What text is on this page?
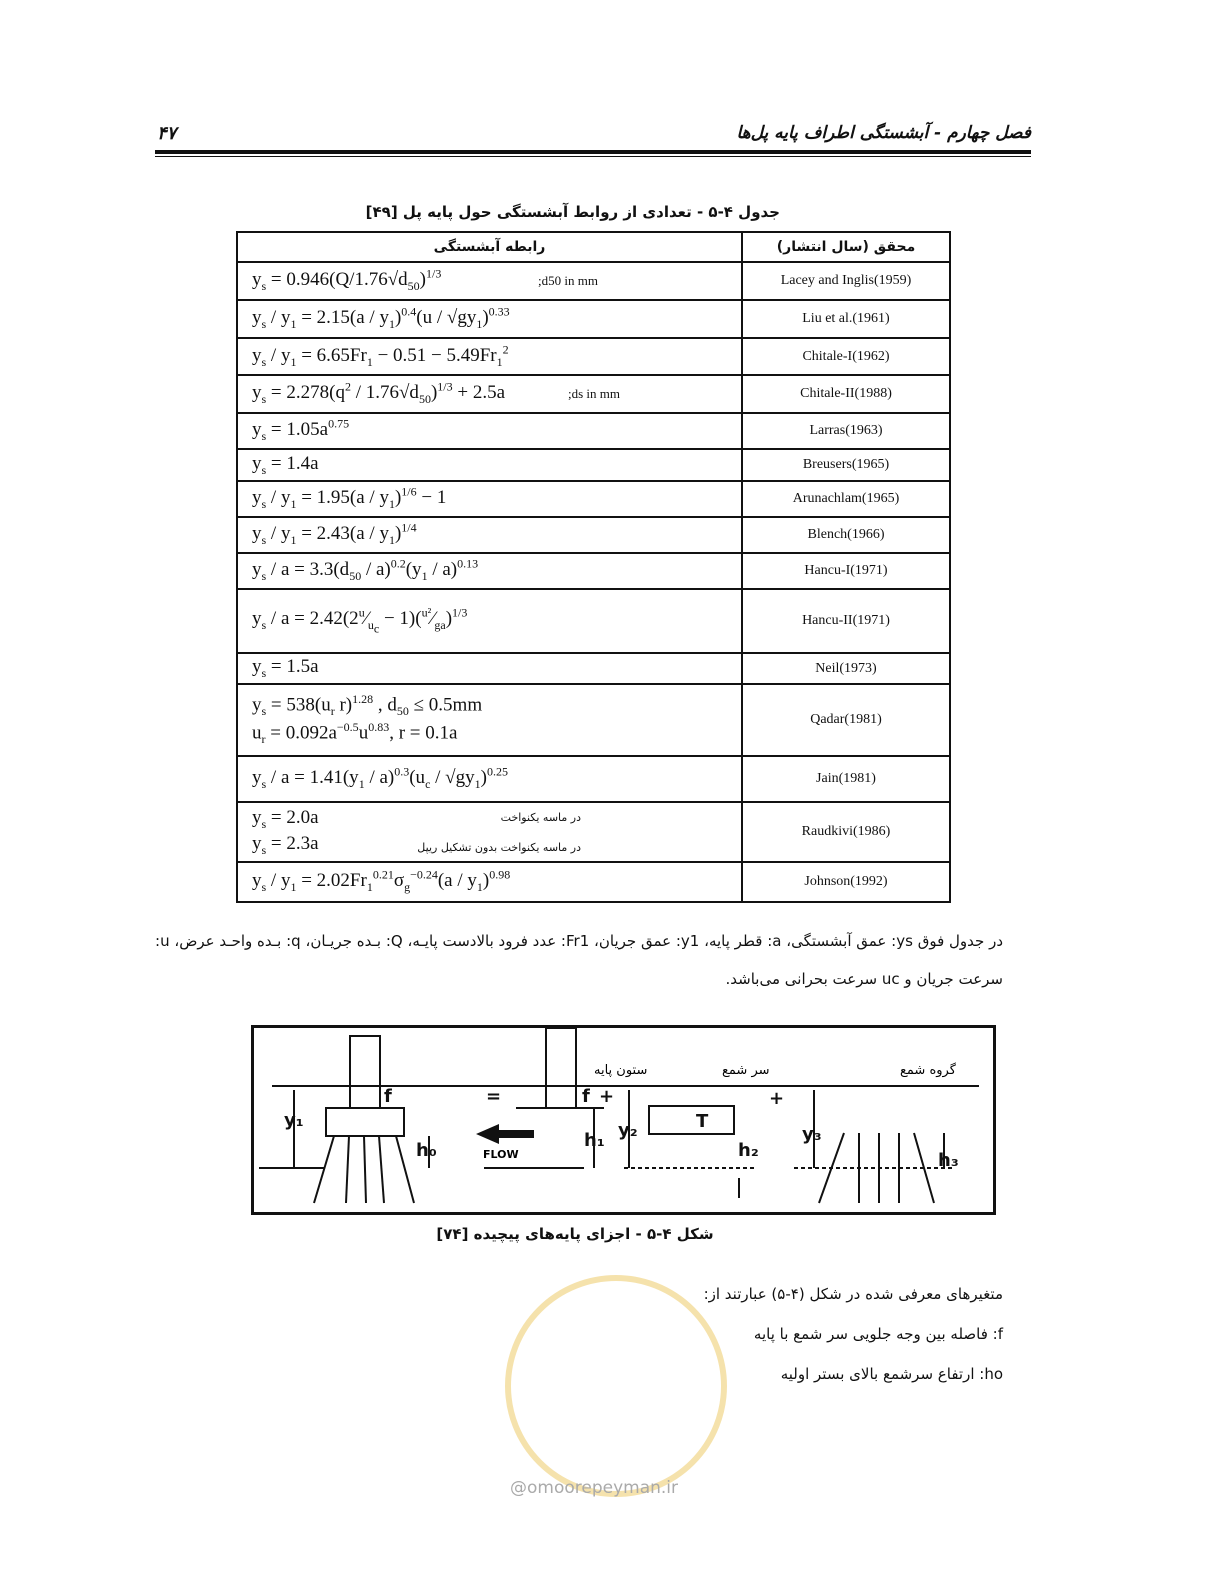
۴۷	فصل چهارم - آبشستگی اطراف پایه پل‌ها
جدول ۴-۵ - تعدادی از روابط آبشستگی حول پایه پل [۴۹]
رابطه آبشستگی	محقق (سال انتشار)
$y_s = 0.946(Q/1.76√d_{50})^{1/3}$ ;d50 in mm	Lacey and Inglis(1959)
$y_s / y_1 = 2.15(a / y_1)^{0.4}(u / √gy_1)^{0.33}$	Liu et al.(1961)
$y_s / y_1 = 6.65Fr_1 - 0.51 - 5.49Fr_1^2$	Chitale-I(1962)
$y_s = 2.278(q^2 / 1.76√d_{50})^{1/3} + 2.5a$ ;ds in mm	Chitale-II(1988)
$y_s = 1.05a^{0.75}$	Larras(1963)
$y_s = 1.4a$	Breusers(1965)
$y_s / y_1 = 1.95(a / y_1)^{1/6} - 1$	Arunachlam(1965)
$y_s / y_1 = 2.43(a / y_1)^{1/4}$	Blench(1966)
$y_s / a = 3.3(d_{50} / a)^{0.2}(y_1 / a)^{0.13}$	Hancu-I(1971)
$y_s$ / $a = 2.42(2^u⁄_{u_c}$ − $1)(^{u^2}⁄_{ga})^{1/3}$	Hancu-II(1971)
$y_s = 1.5a$	Neil(1973)

$y_s = 538(u_r$ r)$^{1.28}$ , $d_{50} \le 0.5mm$
$u_r = 0.092a^{-0.5}u^{0.83}$, r = 0.1a	Qadar(1981)
$y_s / a = 1.41(y_1 / a)^{0.3}(u_c / √gy_1)^{0.25}$	Jain(1981)

$y_s = 2.0a$
$y_s = 2.3a$
در ماسه یکنواخت
در ماسه یکنواخت بدون تشکیل ریپل	Raudkivi(1986)
$y_s / y_1 = 2.02Fr_1^{0.21}\sigma_g^{-0.24}(a / y_1)^{0.98}$	Johnson(1992)
در جدول فوق ys: عمق آبشستگی، a: قطر پایه، y1: عمق جریان، Fr1: عدد فرود بالادست پایـه، Q: بـده جریـان، q: بـده واحـد عرض، u: سرعت جریان و uc سرعت بحرانی می‌باشد.
FLOW
y₁
f
h₀
=	f +
h₁ y₂	T
h₂
+
y₃
h₃
ستون پایه	سر شمع	گروه شمع
شکل ۴-۵ - اجزای پایه‌های پیچیده [۷۴]
@omoorepeyman.ir
متغیرهای معرفی شده در شکل (۴-۵) عبارتند از:
f: فاصله بین وجه جلویی سر شمع با پایه
ho: ارتفاع سرشمع بالای بستر اولیه
